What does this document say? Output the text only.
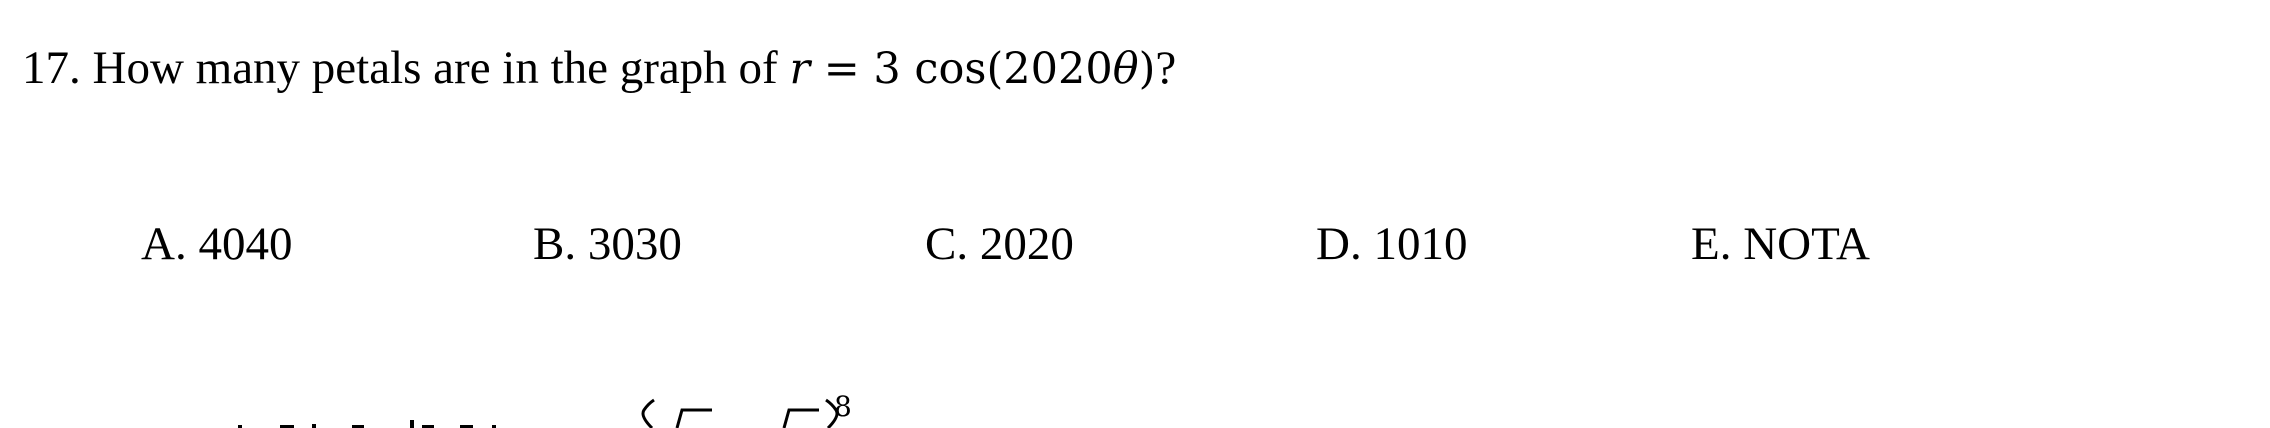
17. How many petals are in the graph of r = 3 cos(2020θ)?
A. 4040	B. 3030	C. 2020	D. 1010	E. NOTA
8
